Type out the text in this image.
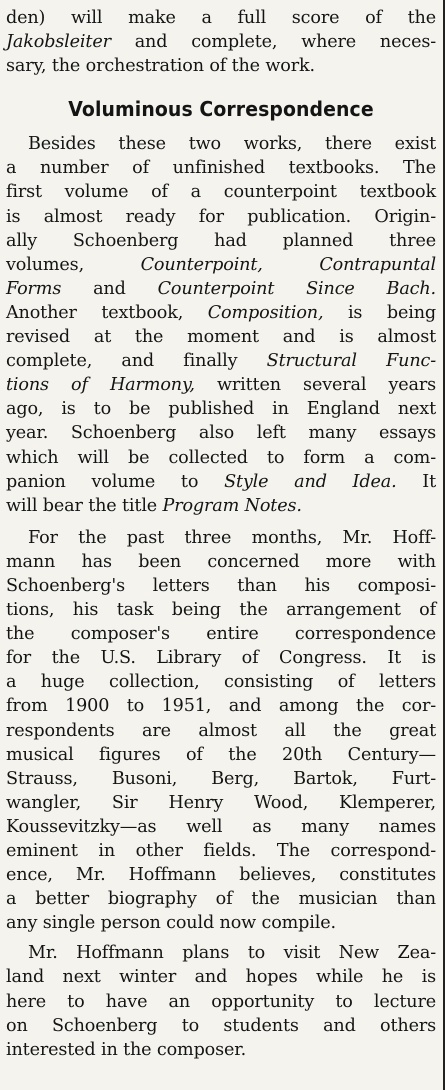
den) will make a full score of the
Jakobsleiter and complete, where neces-
sary, the orchestration of the work.
Voluminous Correspondence
Besides these two works, there exist
a number of unfinished textbooks. The
first volume of a counterpoint textbook
is almost ready for publication. Origin-
ally Schoenberg had planned three
volumes, Counterpoint,	Contrapuntal
Forms and Counterpoint Since Bach.
Another textbook, Composition, is being
revised at the moment and is almost
complete, and finally Structural Func-
tions of Harmony, written several years
ago, is to be published in England next
year. Schoenberg also left many essays
which will be collected to form a com-
panion volume to Style and Idea. It
will bear the title Program Notes.
For the past three months, Mr. Hoff-
mann has been concerned more with
Schoenberg's letters than his composi-
tions, his task being the arrangement of
the composer's entire correspondence
for the U.S. Library of Congress. It is
a huge collection, consisting of letters
from 1900 to 1951, and among the cor-
respondents are almost all the great
musical figures of the 20th Century—
Strauss, Busoni, Berg, Bartok, Furt-
wangler, Sir Henry Wood, Klemperer,
Koussevitzky—as well as many names
eminent in other fields. The correspond-
ence, Mr. Hoffmann believes, constitutes
a better biography of the musician than
any single person could now compile.
Mr. Hoffmann plans to visit New Zea-
land next winter and hopes while he is
here to have an opportunity to lecture
on Schoenberg to students and others
interested in the composer.
